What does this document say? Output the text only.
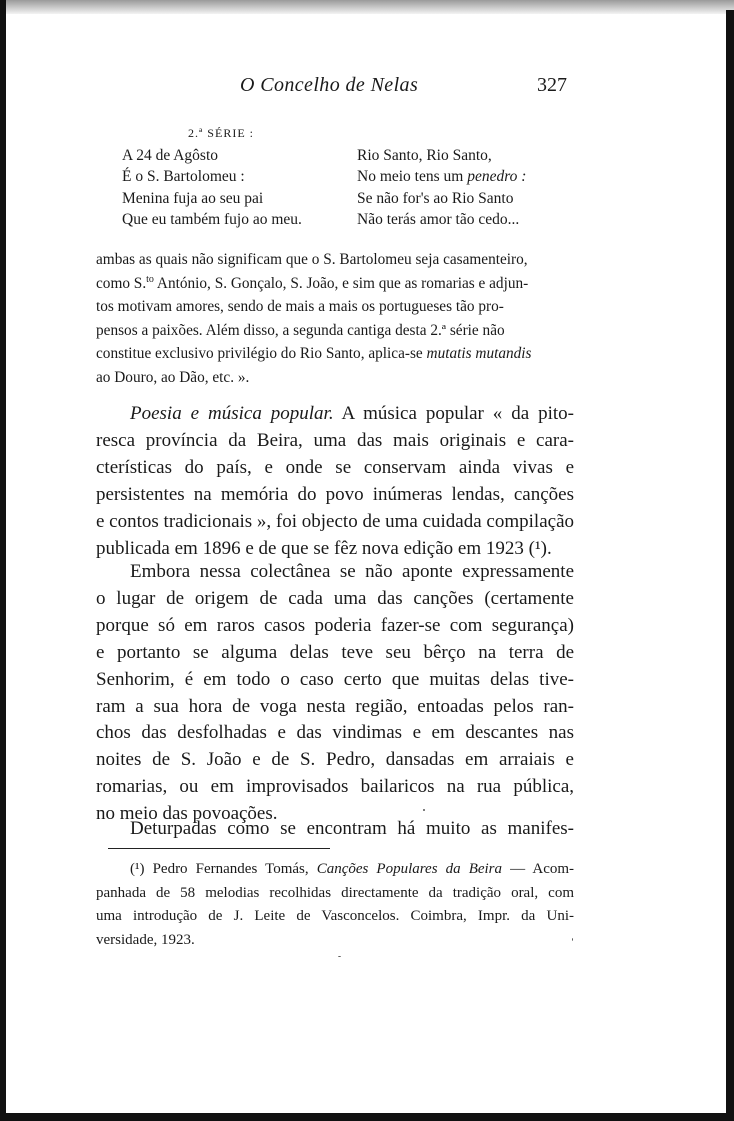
O Concelho de Nelas	327
2.ª SÉRIE :
A 24 de Agôsto
É o S. Bartolomeu :
Menina fuja ao seu pai
Que eu também fujo ao meu.
Rio Santo, Rio Santo,
No meio tens um penedro :
Se não for's ao Rio Santo
Não terás amor tão cedo...
ambas as quais não significam que o S. Bartolomeu seja casamenteiro,
como S.$^{to}$ António, S. Gonçalo, S. João, e sim que as romarias e adjun-
tos motivam amores, sendo de mais a mais os portugueses tão pro-
pensos a paixões. Além disso, a segunda cantiga desta 2.ª série não
constitue exclusivo privilégio do Rio Santo, aplica-se mutatis mutandis
ao Douro, ao Dão, etc. ».
Poesia e música popular. A música popular « da pito-
resca província da Beira, uma das mais originais e cara-
cterísticas do país, e onde se conservam ainda vivas e
persistentes na memória do povo inúmeras lendas, canções
e contos tradicionais », foi objecto de uma cuidada compilação
publicada em 1896 e de que se fêz nova edição em 1923 (¹).
Embora nessa colectânea se não aponte expressamente
o lugar de origem de cada uma das canções (certamente
porque só em raros casos poderia fazer-se com segurança)
e portanto se alguma delas teve seu bêrço na terra de
Senhorim, é em todo o caso certo que muitas delas tive-
ram a sua hora de voga nesta região, entoadas pelos ran-
chos das desfolhadas e das vindimas e em descantes nas
noites de S. João e de S. Pedro, dansadas em arraiais e
romarias, ou em improvisados bailaricos na rua pública,
no meio das povoações.
Deturpadas como se encontram há muito as manifes-
(¹) Pedro Fernandes Tomás, Canções Populares da Beira — Acom-
panhada de 58 melodias recolhidas directamente da tradição oral, com
uma introdução de J. Leite de Vasconcelos. Coimbra, Impr. da Uni-
versidade, 1923.
